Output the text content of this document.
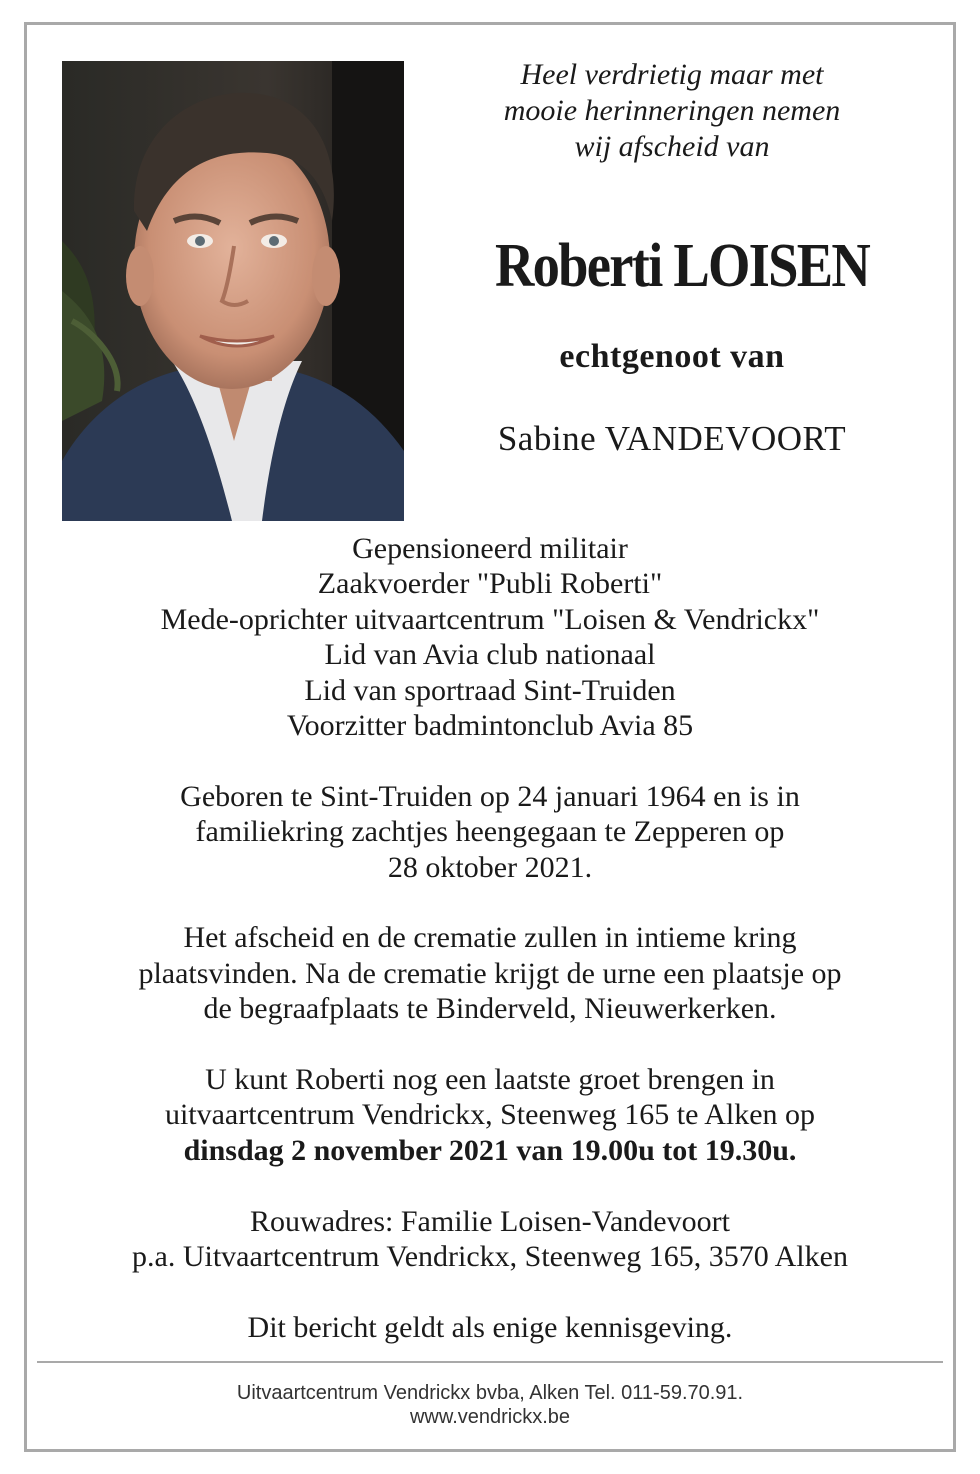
Heel verdrietig maar met
mooie herinneringen nemen
wij afscheid van
Roberti LOISEN
echtgenoot van
Sabine VANDEVOORT
Gepensioneerd militair
Zaakvoerder "Publi Roberti"
Mede-oprichter uitvaartcentrum "Loisen & Vendrickx"
Lid van Avia club nationaal
Lid van sportraad Sint-Truiden
Voorzitter badmintonclub Avia 85
Geboren te Sint-Truiden op 24 januari 1964 en is in
familiekring zachtjes heengegaan te Zepperen op
28 oktober 2021.
Het afscheid en de crematie zullen in intieme kring
plaatsvinden. Na de crematie krijgt de urne een plaatsje op
de begraafplaats te Binderveld, Nieuwerkerken.
U kunt Roberti nog een laatste groet brengen in
uitvaartcentrum Vendrickx, Steenweg 165 te Alken op
dinsdag 2 november 2021 van 19.00u tot 19.30u.
Rouwadres: Familie Loisen-Vandevoort
p.a. Uitvaartcentrum Vendrickx, Steenweg 165, 3570 Alken
Dit bericht geldt als enige kennisgeving.
Uitvaartcentrum Vendrickx bvba, Alken Tel. 011-59.70.91.
www.vendrickx.be
